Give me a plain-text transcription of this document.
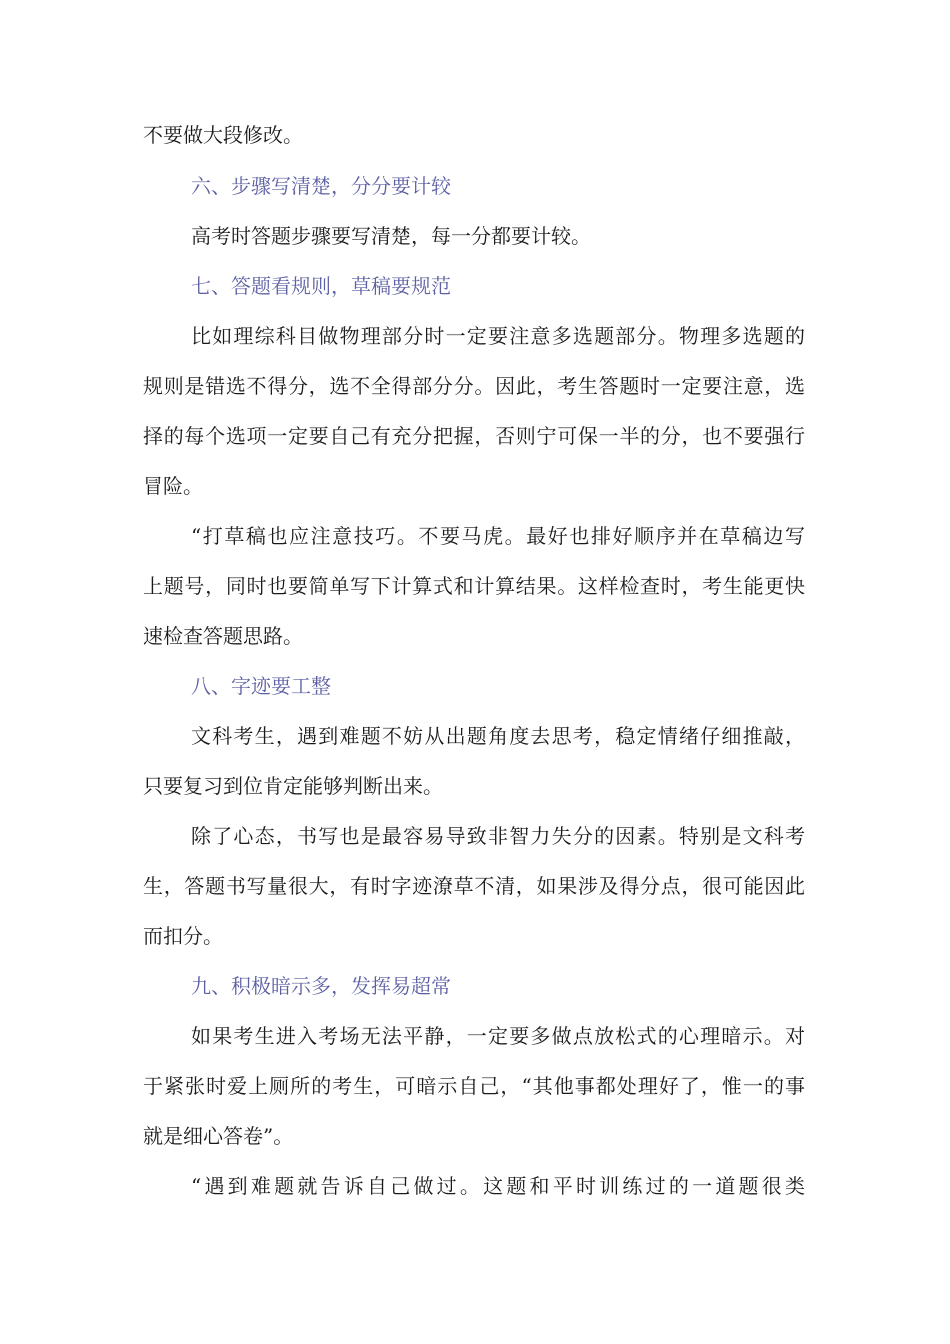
不要做大段修改。
六、步骤写清楚，分分要计较
高考时答题步骤要写清楚，每一分都要计较。
七、答题看规则，草稿要规范
比如理综科目做物理部分时一定要注意多选题部分。物理多选题的
规则是错选不得分，选不全得部分分。因此，考生答题时一定要注意，选
择的每个选项一定要自己有充分把握，否则宁可保一半的分，也不要强行
冒险。
“打草稿也应注意技巧。不要马虎。最好也排好顺序并在草稿边写
上题号，同时也要简单写下计算式和计算结果。这样检查时，考生能更快
速检查答题思路。
八、字迹要工整
文科考生，遇到难题不妨从出题角度去思考，稳定情绪仔细推敲，
只要复习到位肯定能够判断出来。
除了心态，书写也是最容易导致非智力失分的因素。特别是文科考
生，答题书写量很大，有时字迹潦草不清，如果涉及得分点，很可能因此
而扣分。
九、积极暗示多，发挥易超常
如果考生进入考场无法平静，一定要多做点放松式的心理暗示。对
于紧张时爱上厕所的考生，可暗示自己，“其他事都处理好了，惟一的事
就是细心答卷”。
“遇到难题就告诉自己做过。这题和平时训练过的一道题很类
